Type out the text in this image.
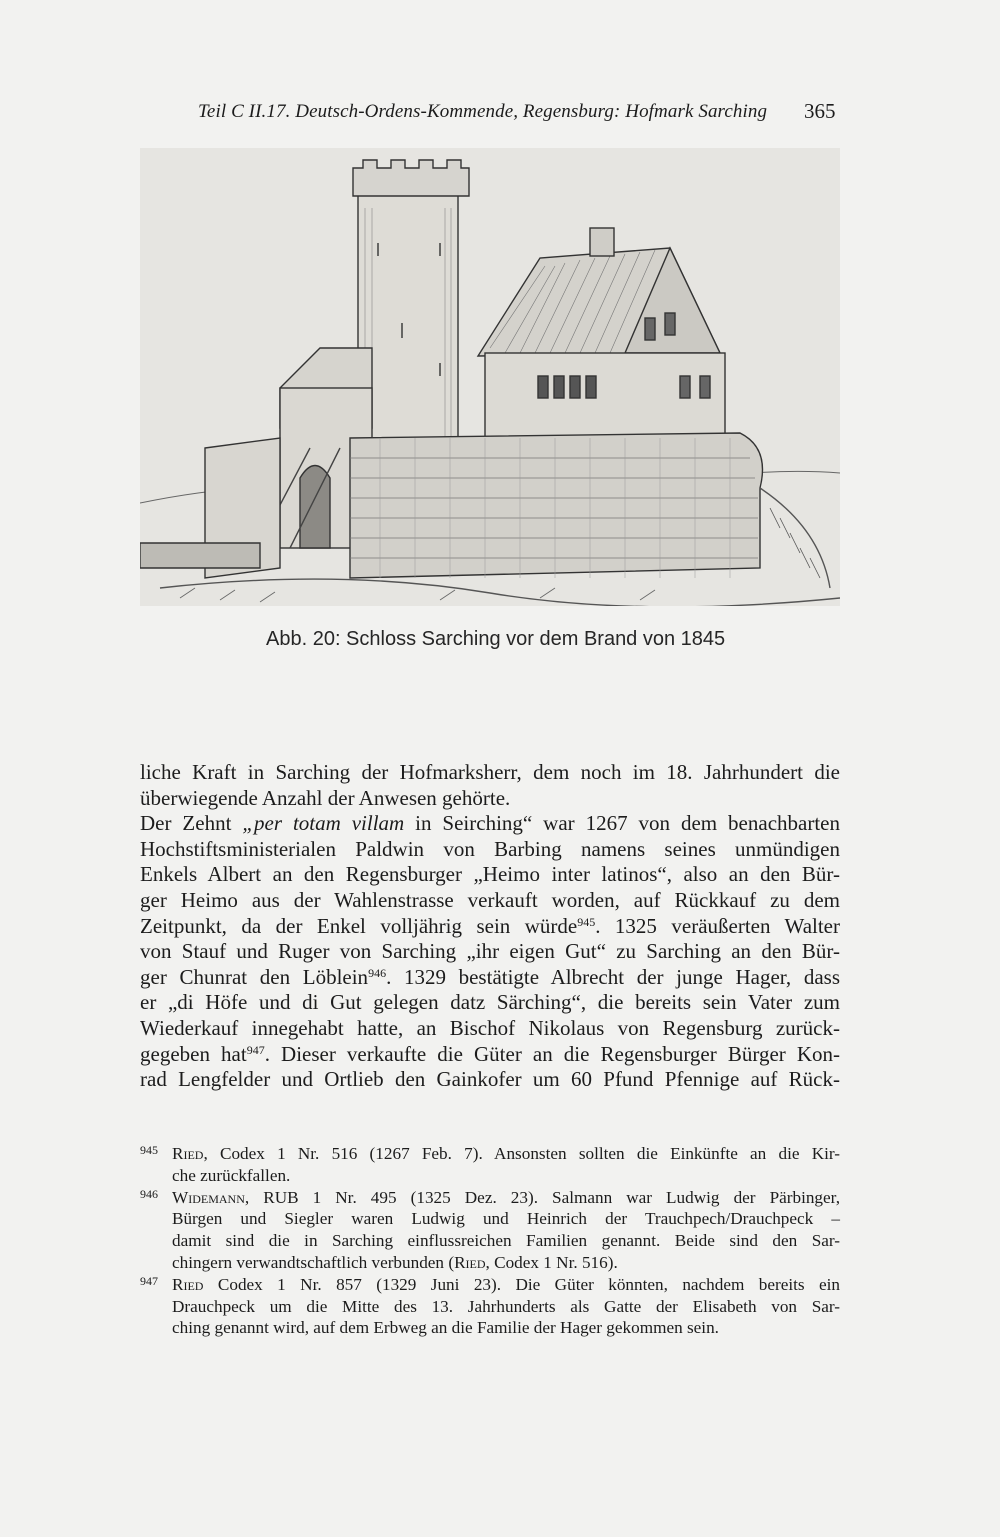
Teil C II.17. Deutsch-Ordens-Kommende, Regensburg: Hofmark Sarching 365
Abb. 20: Schloss Sarching vor dem Brand von 1845
liche Kraft in Sarching der Hofmarksherr, dem noch im 18. Jahrhundert die
überwiegende Anzahl der Anwesen gehörte.
Der Zehnt „per totam villam in Seirching“ war 1267 von dem benachbarten
Hochstiftsministerialen Paldwin von Barbing namens seines unmündigen
Enkels Albert an den Regensburger „Heimo inter latinos“, also an den Bür-
ger Heimo aus der Wahlenstrasse verkauft worden, auf Rückkauf zu dem
Zeitpunkt, da der Enkel volljährig sein würde$^{945}$. 1325 veräußerten Walter
von Stauf und Ruger von Sarching „ihr eigen Gut“ zu Sarching an den Bür-
ger Chunrat den Löblein$^{946}$. 1329 bestätigte Albrecht der junge Hager, dass
er „di Höfe und di Gut gelegen datz Särching“, die bereits sein Vater zum
Wiederkauf innegehabt hatte, an Bischof Nikolaus von Regensburg zurück-
gegeben hat$^{947}$. Dieser verkaufte die Güter an die Regensburger Bürger Kon-
rad Lengfelder und Ortlieb den Gainkofer um 60 Pfund Pfennige auf Rück-
945 Ried, Codex 1 Nr. 516 (1267 Feb. 7). Ansonsten sollten die Einkünfte an die Kir-
che zurückfallen.
946 Widemann, RUB 1 Nr. 495 (1325 Dez. 23). Salmann war Ludwig der Pärbinger,
Bürgen und Siegler waren Ludwig und Heinrich der Trauchpech/Drauchpeck –
damit sind die in Sarching einflussreichen Familien genannt. Beide sind den Sar-
chingern verwandtschaftlich verbunden (Ried, Codex 1 Nr. 516).
947 Ried Codex 1 Nr. 857 (1329 Juni 23). Die Güter könnten, nachdem bereits ein
Drauchpeck um die Mitte des 13. Jahrhunderts als Gatte der Elisabeth von Sar-
ching genannt wird, auf dem Erbweg an die Familie der Hager gekommen sein.
